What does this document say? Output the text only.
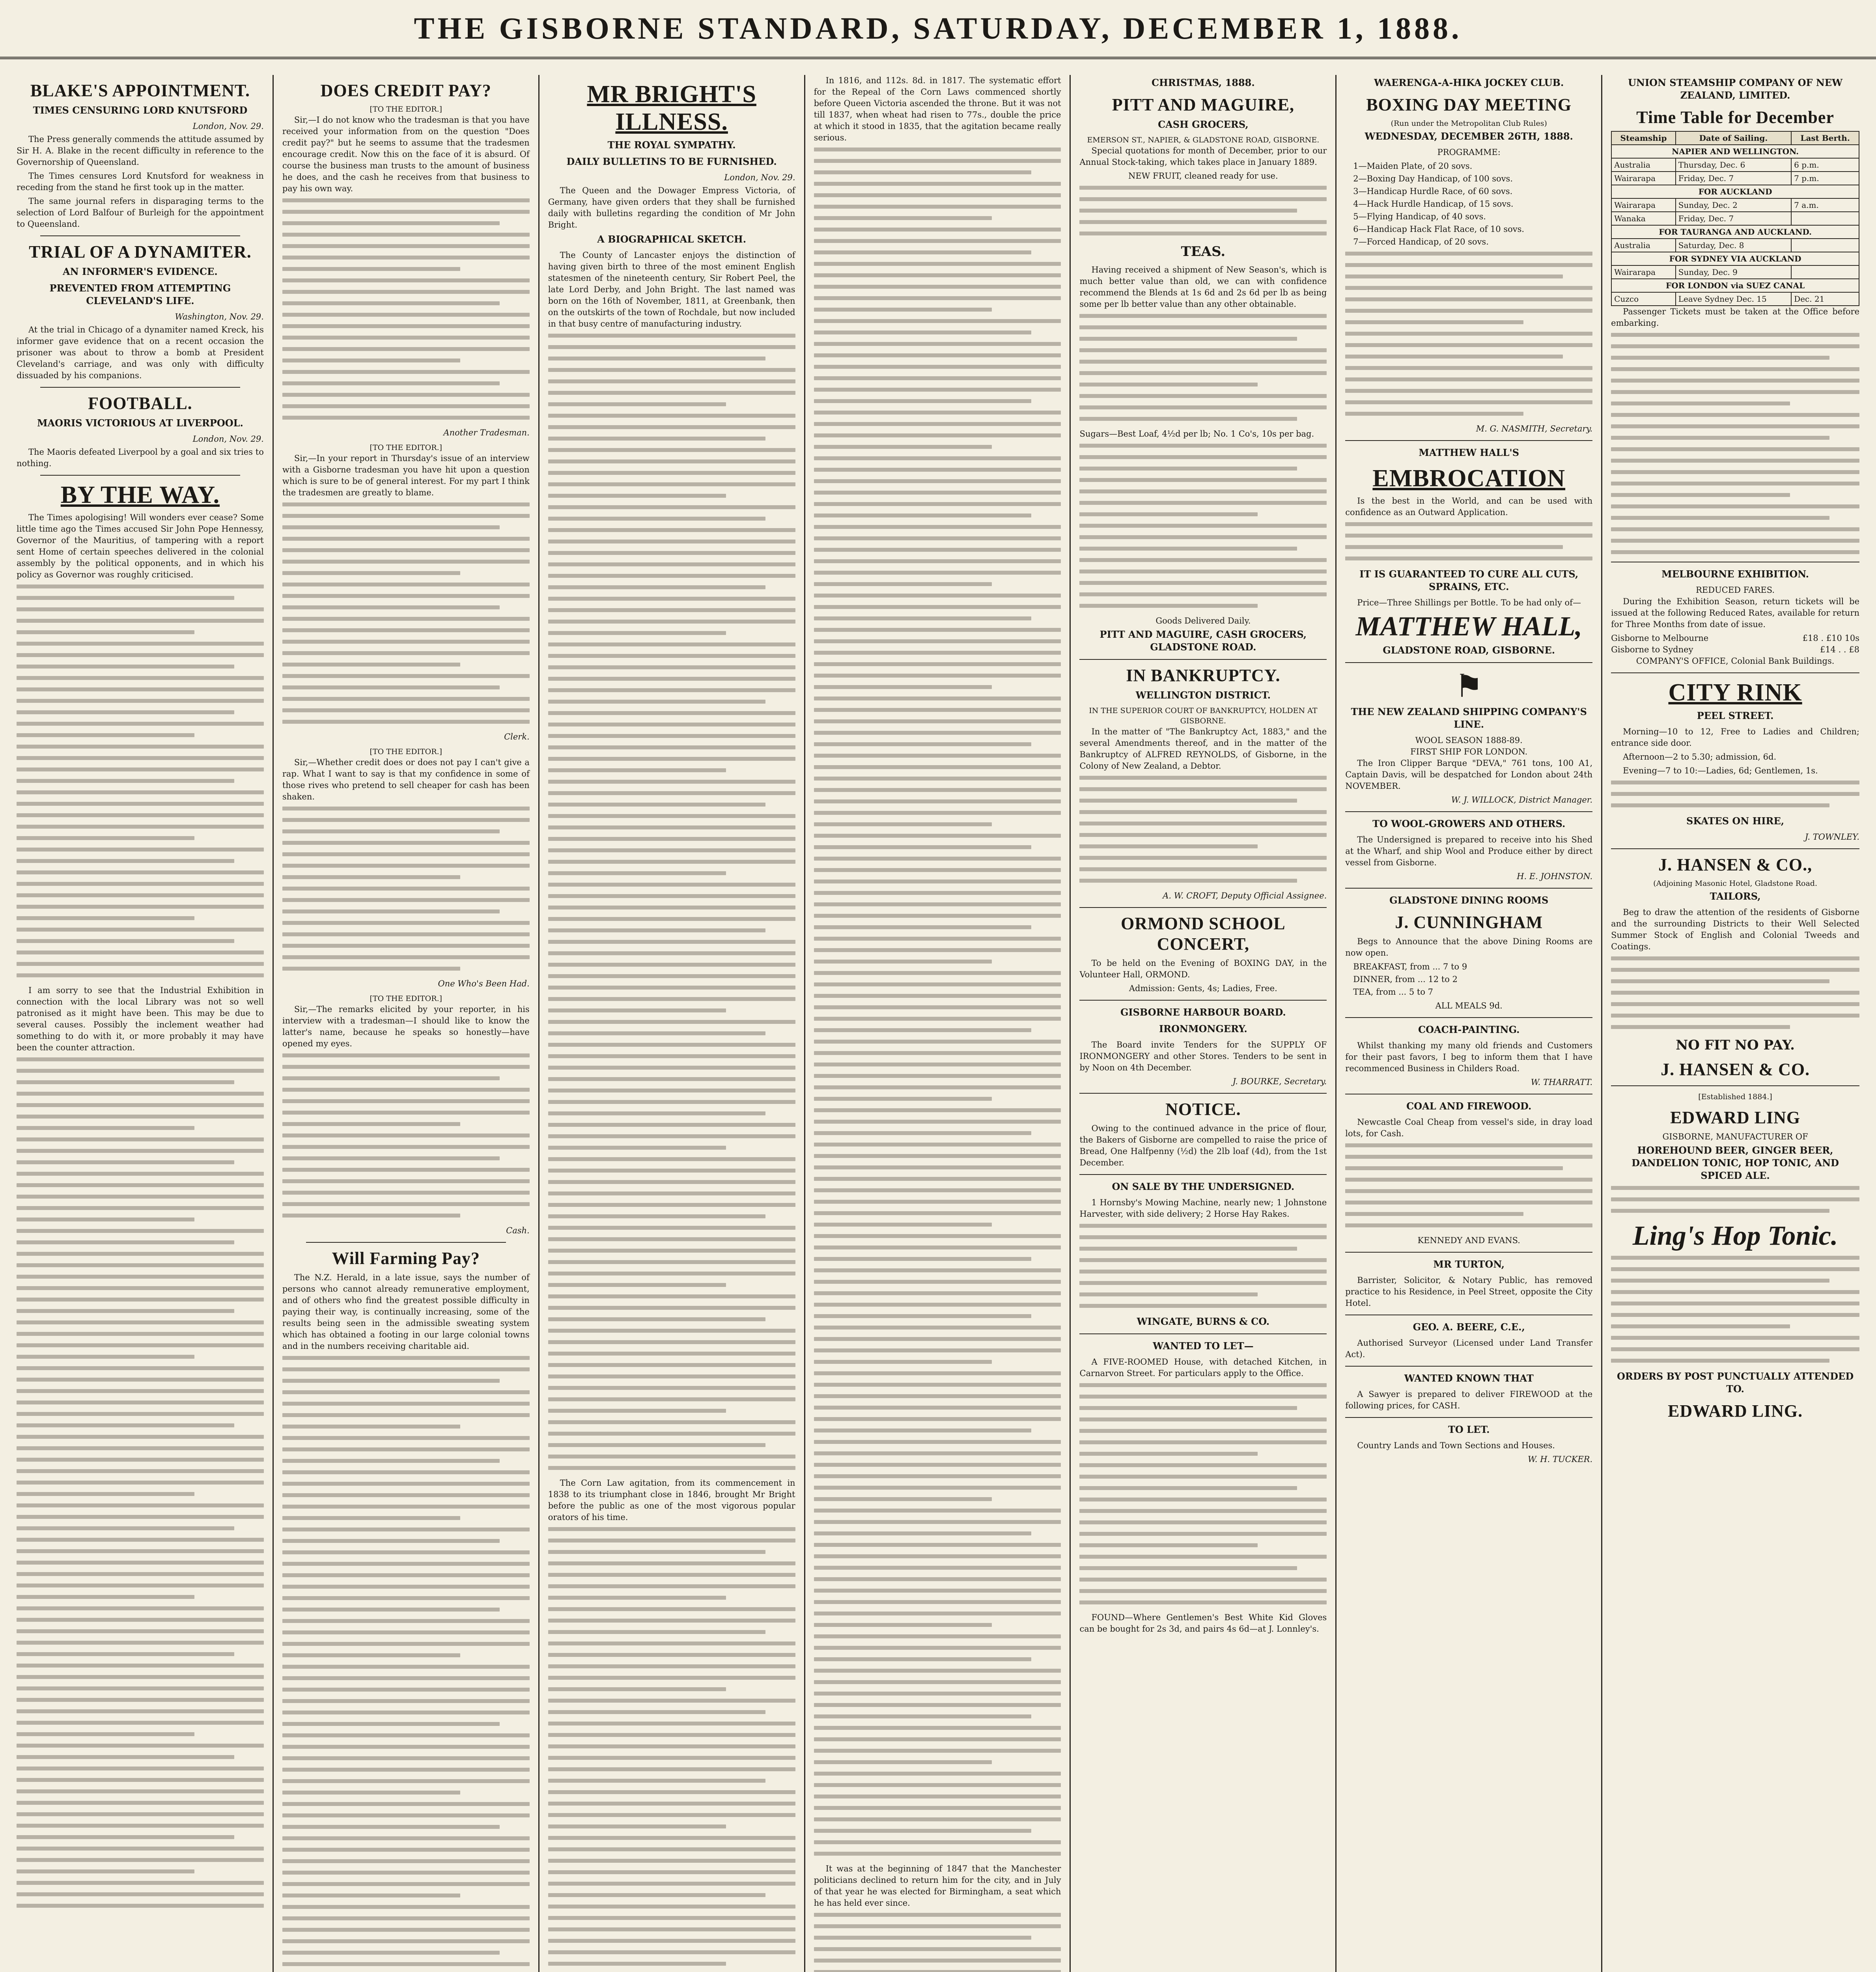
THE GISBORNE STANDARD, SATURDAY, DECEMBER 1, 1888.
BLAKE'S APPOINTMENT.
TIMES CENSURING LORD KNUTSFORD
London, Nov. 29.

The Press generally commends the attitude assumed by Sir H. A. Blake in the recent difficulty in reference to the Governorship of Queensland.

The Times censures Lord Knutsford for weakness in receding from the stand he first took up in the matter.

The same journal refers in disparaging terms to the selection of Lord Balfour of Burleigh for the appointment to Queensland.

TRIAL OF A DYNAMITER.
AN INFORMER'S EVIDENCE.
PREVENTED FROM ATTEMPTING CLEVELAND'S LIFE.
Washington, Nov. 29.

At the trial in Chicago of a dynamiter named Kreck, his informer gave evidence that on a recent occasion the prisoner was about to throw a bomb at President Cleveland's carriage, and was only with difficulty dissuaded by his companions.

FOOTBALL.
MAORIS VICTORIOUS AT LIVERPOOL.
London, Nov. 29.

The Maoris defeated Liverpool by a goal and six tries to nothing.

BY THE WAY.

The Times apologising! Will wonders ever cease? Some little time ago the Times accused Sir John Pope Hennessy, Governor of the Mauritius, of tampering with a report sent Home of certain speeches delivered in the colonial assembly by the political opponents, and in which his policy as Governor was roughly criticised.

I am sorry to see that the Industrial Exhibition in connection with the local Library was not so well patronised as it might have been. This may be due to several causes. Possibly the inclement weather had something to do with it, or more probably it may have been the counter attraction.

DOES CREDIT PAY?
[TO THE EDITOR.]

Sir,—I do not know who the tradesman is that you have received your information from on the question "Does credit pay?" but he seems to assume that the tradesmen encourage credit. Now this on the face of it is absurd. Of course the business man trusts to the amount of business he does, and the cash he receives from that business to pay his own way.

Another Tradesman.
[TO THE EDITOR.]

Sir,—In your report in Thursday's issue of an interview with a Gisborne tradesman you have hit upon a question which is sure to be of general interest. For my part I think the tradesmen are greatly to blame.

Clerk.
[TO THE EDITOR.]

Sir,—Whether credit does or does not pay I can't give a rap. What I want to say is that my confidence in some of those rives who pretend to sell cheaper for cash has been shaken.

One Who's Been Had.
[TO THE EDITOR.]

Sir,—The remarks elicited by your reporter, in his interview with a tradesman—I should like to know the latter's name, because he speaks so honestly—have opened my eyes.

Cash.
Will Farming Pay?

The N.Z. Herald, in a late issue, says the number of persons who cannot already remunerative employment, and of others who find the greatest possible difficulty in paying their way, is continually increasing, some of the results being seen in the admissible sweating system which has obtained a footing in our large colonial towns and in the numbers receiving charitable aid.

MR BRIGHT'S ILLNESS.
THE ROYAL SYMPATHY.
DAILY BULLETINS TO BE FURNISHED.
London, Nov. 29.

The Queen and the Dowager Empress Victoria, of Germany, have given orders that they shall be furnished daily with bulletins regarding the condition of Mr John Bright.

A BIOGRAPHICAL SKETCH.

The County of Lancaster enjoys the distinction of having given birth to three of the most eminent English statesmen of the nineteenth century, Sir Robert Peel, the late Lord Derby, and John Bright. The last named was born on the 16th of November, 1811, at Greenbank, then on the outskirts of the town of Rochdale, but now included in that busy centre of manufacturing industry.

The Corn Law agitation, from its commencement in 1838 to its triumphant close in 1846, brought Mr Bright before the public as one of the most vigorous popular orators of his time.

In 1816, and 112s. 8d. in 1817. The systematic effort for the Repeal of the Corn Laws commenced shortly before Queen Victoria ascended the throne. But it was not till 1837, when wheat had risen to 77s., double the price at which it stood in 1835, that the agitation became really serious.

It was at the beginning of 1847 that the Manchester politicians declined to return him for the city, and in July of that year he was elected for Birmingham, a seat which he has held ever since.

CHRISTMAS, 1888.
PITT AND MAGUIRE,
CASH GROCERS,
EMERSON ST., NAPIER, & GLADSTONE ROAD, GISBORNE.

Special quotations for month of December, prior to our Annual Stock-taking, which takes place in January 1889.

NEW FRUIT, cleaned ready for use.
TEAS.

Having received a shipment of New Season's, which is much better value than old, we can with confidence recommend the Blends at 1s 6d and 2s 6d per lb as being some per lb better value than any other obtainable.

Sugars—Best Loaf, 4½d per lb; No. 1 Co's, 10s per bag.
Goods Delivered Daily.
PITT AND MAGUIRE, CASH GROCERS, GLADSTONE ROAD.
IN BANKRUPTCY.
WELLINGTON DISTRICT.
IN THE SUPERIOR COURT OF BANKRUPTCY, HOLDEN AT GISBORNE.

In the matter of "The Bankruptcy Act, 1883," and the several Amendments thereof, and in the matter of the Bankruptcy of ALFRED REYNOLDS, of Gisborne, in the Colony of New Zealand, a Debtor.

A. W. CROFT, Deputy Official Assignee.
ORMOND SCHOOL CONCERT,

To be held on the Evening of BOXING DAY, in the Volunteer Hall, ORMOND.

Admission: Gents, 4s; Ladies, Free.
GISBORNE HARBOUR BOARD.
IRONMONGERY.

The Board invite Tenders for the SUPPLY OF IRONMONGERY and other Stores. Tenders to be sent in by Noon on 4th December.

J. BOURKE, Secretary.
NOTICE.

Owing to the continued advance in the price of flour, the Bakers of Gisborne are compelled to raise the price of Bread, One Halfpenny (½d) the 2lb loaf (4d), from the 1st December.

ON SALE BY THE UNDERSIGNED.

1 Hornsby's Mowing Machine, nearly new; 1 Johnstone Harvester, with side delivery; 2 Horse Hay Rakes.

WINGATE, BURNS & CO.
WANTED TO LET—

A FIVE-ROOMED House, with detached Kitchen, in Carnarvon Street. For particulars apply to the Office.

FOUND—Where Gentlemen's Best White Kid Gloves can be bought for 2s 3d, and pairs 4s 6d—at J. Lonnley's.

WAERENGA-A-HIKA JOCKEY CLUB.
BOXING DAY MEETING
(Run under the Metropolitan Club Rules)
WEDNESDAY, DECEMBER 26TH, 1888.
PROGRAMME:
1—Maiden Plate, of 20 sovs.
2—Boxing Day Handicap, of 100 sovs.
3—Handicap Hurdle Race, of 60 sovs.
4—Hack Hurdle Handicap, of 15 sovs.
5—Flying Handicap, of 40 sovs.
6—Handicap Hack Flat Race, of 10 sovs.
7—Forced Handicap, of 20 sovs.
M. G. NASMITH, Secretary.
MATTHEW HALL'S
EMBROCATION

Is the best in the World, and can be used with confidence as an Outward Application.

IT IS GUARANTEED TO CURE ALL CUTS, SPRAINS, ETC.

Price—Three Shillings per Bottle. To be had only of—

MATTHEW HALL,
GLADSTONE ROAD, GISBORNE.
⚑
THE NEW ZEALAND SHIPPING COMPANY'S LINE.
WOOL SEASON 1888-89.
FIRST SHIP FOR LONDON.

The Iron Clipper Barque "DEVA," 761 tons, 100 A1, Captain Davis, will be despatched for London about 24th NOVEMBER.

W. J. WILLOCK, District Manager.
TO WOOL-GROWERS AND OTHERS.

The Undersigned is prepared to receive into his Shed at the Wharf, and ship Wool and Produce either by direct vessel from Gisborne.

H. E. JOHNSTON.
GLADSTONE DINING ROOMS
J. CUNNINGHAM

Begs to Announce that the above Dining Rooms are now open.

BREAKFAST, from ... 7 to 9
DINNER, from ... 12 to 2
TEA, from ... 5 to 7
ALL MEALS 9d.
COACH-PAINTING.

Whilst thanking my many old friends and Customers for their past favors, I beg to inform them that I have recommenced Business in Childers Road.

W. THARRATT.
COAL AND FIREWOOD.

Newcastle Coal Cheap from vessel's side, in dray load lots, for Cash.

KENNEDY AND EVANS.
MR TURTON,

Barrister, Solicitor, & Notary Public, has removed practice to his Residence, in Peel Street, opposite the City Hotel.

GEO. A. BEERE, C.E.,

Authorised Surveyor (Licensed under Land Transfer Act).

WANTED KNOWN THAT

A Sawyer is prepared to deliver FIREWOOD at the following prices, for CASH.

TO LET.

Country Lands and Town Sections and Houses.

W. H. TUCKER.
UNION STEAMSHIP COMPANY OF NEW ZEALAND, LIMITED.
Time Table for December
Steamship	Date of Sailing.	Last Berth.
NAPIER AND WELLINGTON.		
Australia	Thursday, Dec. 6	6 p.m.
Wairarapa	Friday, Dec. 7	7 p.m.
FOR AUCKLAND		
Wairarapa	Sunday, Dec. 2	7 a.m.
Wanaka	Friday, Dec. 7	
FOR TAURANGA AND AUCKLAND.		
Australia	Saturday, Dec. 8	
FOR SYDNEY VIA AUCKLAND		
Wairarapa	Sunday, Dec. 9	
FOR LONDON via SUEZ CANAL		
Cuzco	Leave Sydney Dec. 15	Dec. 21

Passenger Tickets must be taken at the Office before embarking.

MELBOURNE EXHIBITION.
REDUCED FARES.

During the Exhibition Season, return tickets will be issued at the following Reduced Rates, available for return for Three Months from date of issue.

Gisborne to Melbourne	£18 . £10 10s
Gisborne to Sydney	£14 . . £8
COMPANY'S OFFICE, Colonial Bank Buildings.
CITY RINK
PEEL STREET.

Morning—10 to 12, Free to Ladies and Children; entrance side door.

Afternoon—2 to 5.30; admission, 6d.

Evening—7 to 10:—Ladies, 6d; Gentlemen, 1s.

SKATES ON HIRE,
J. TOWNLEY.
J. HANSEN & CO.,
(Adjoining Masonic Hotel, Gladstone Road.
TAILORS,

Beg to draw the attention of the residents of Gisborne and the surrounding Districts to their Well Selected Summer Stock of English and Colonial Tweeds and Coatings.

NO FIT NO PAY.
J. HANSEN & CO.
[Established 1884.]
EDWARD LING
GISBORNE, MANUFACTURER OF
HOREHOUND BEER, GINGER BEER, DANDELION TONIC, HOP TONIC, AND SPICED ALE.
Ling's Hop Tonic.
ORDERS BY POST PUNCTUALLY ATTENDED TO.
EDWARD LING.
